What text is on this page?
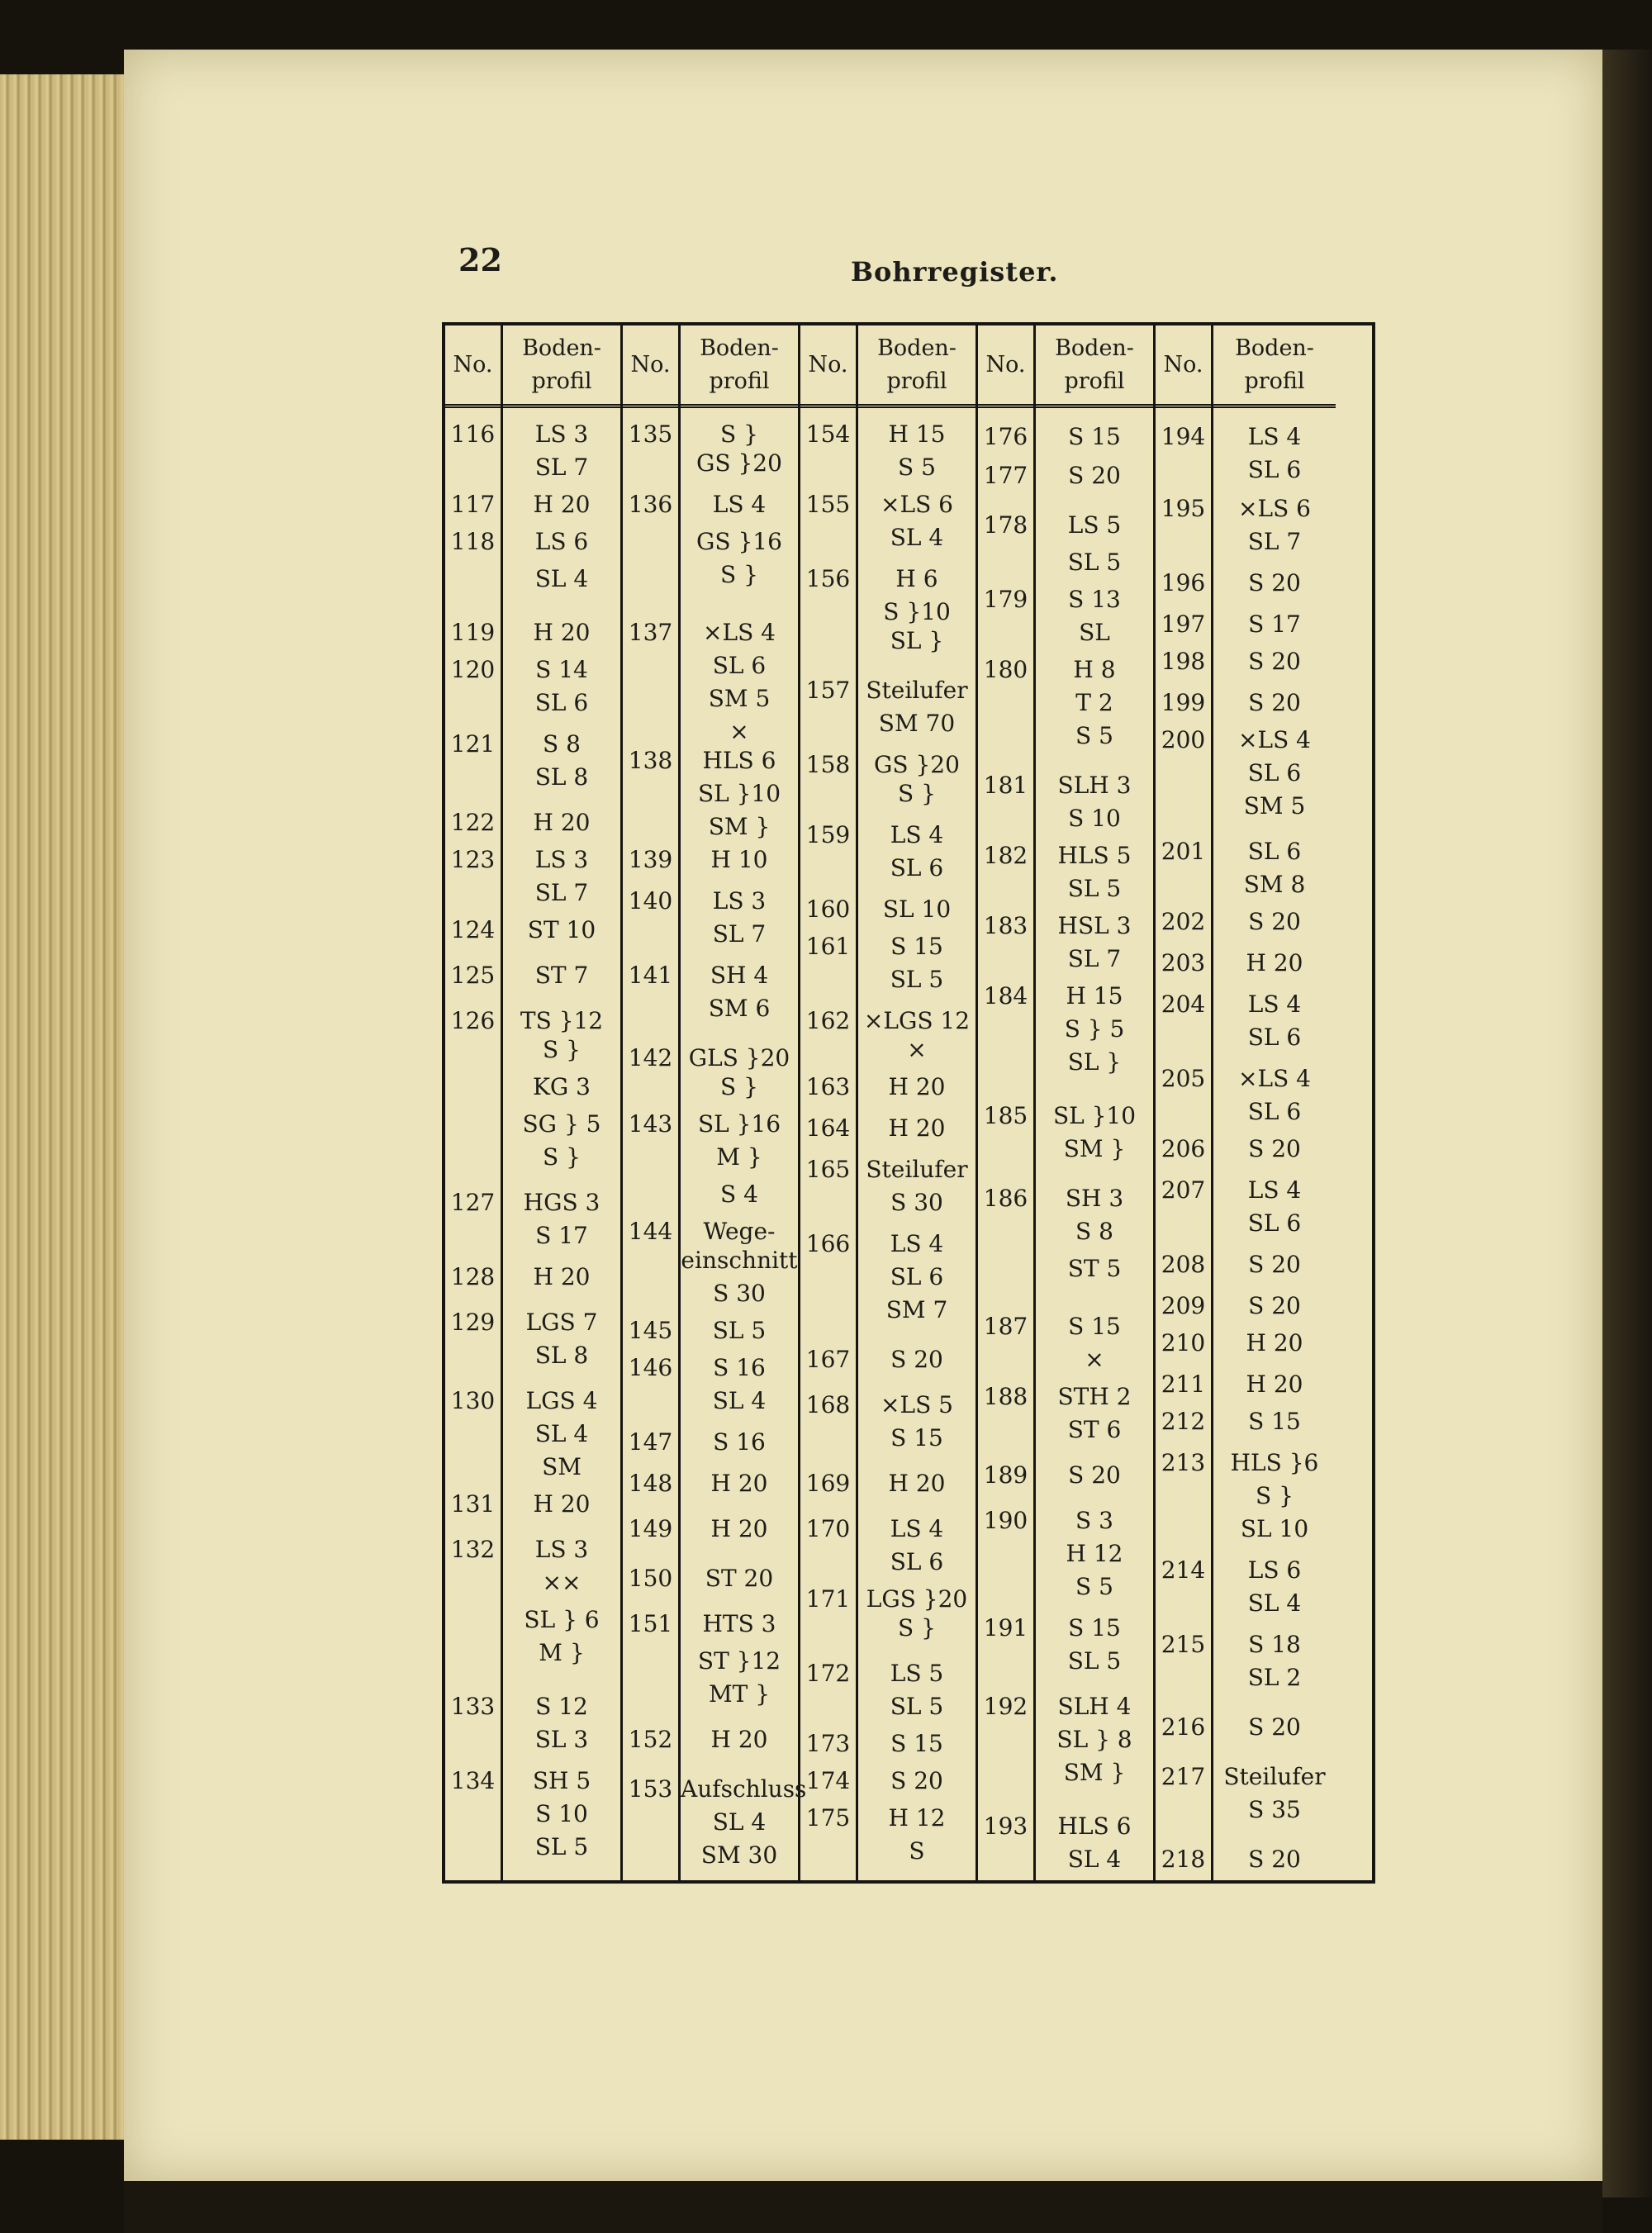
22	Bohrregister.
No.
116
117
118
119
120
121
122
123
124
125
126
127
128
129
130
131
132
133
134
Boden-
profil
LS 3
SL 7
H 20
LS 6
SL 4
H 20
S 14
SL 6
S 8
SL 8
H 20
LS 3
SL 7
ST 10
ST 7
TS }12
S }
KG 3
SG } 5
S }
HGS 3
S 17
H 20
LGS 7
SL 8
LGS 4
SL 4
SM
H 20
LS 3
××
SL } 6
M }
S 12
SL 3
SH 5
S 10
SL 5
No.
135
136
137
138
139
140
141
142
143
144
145
146
147
148
149
150
151
152
153
Boden-
profil
S }
GS }20
LS 4
GS }16
S }
×LS 4
SL 6
SM 5
×
HLS 6
SL }10
SM }
H 10
LS 3
SL 7
SH 4
SM 6
GLS }20
S }
SL }16
M }
S 4
Wege-
einschnitt
S 30
SL 5
S 16
SL 4
S 16
H 20
H 20
ST 20
HTS 3
ST }12
MT }
H 20
Aufschluss
SL 4
SM 30
No.
154
155
156
157
158
159
160
161
162
163
164
165
166
167
168
169
170
171
172
173
174
175
Boden-
profil
H 15
S 5
×LS 6
SL 4
H 6
S }10
SL }
Steilufer
SM 70
GS }20
S }
LS 4
SL 6
SL 10
S 15
SL 5
×LGS 12
×
H 20
H 20
Steilufer
S 30
LS 4
SL 6
SM 7
S 20
×LS 5
S 15
H 20
LS 4
SL 6
LGS }20
S }
LS 5
SL 5
S 15
S 20
H 12
S
No.
176
177
178
179
180
181
182
183
184
185
186
187
188
189
190
191
192
193
Boden-
profil
S 15
S 20
LS 5
SL 5
S 13
SL
H 8
T 2
S 5
SLH 3
S 10
HLS 5
SL 5
HSL 3
SL 7
H 15
S } 5
SL }
SL }10
SM }
SH 3
S 8
ST 5
S 15
×
STH 2
ST 6
S 20
S 3
H 12
S 5
S 15
SL 5
SLH 4
SL } 8
SM }
HLS 6
SL 4
No.
194
195
196
197
198
199
200
201
202
203
204
205
206
207
208
209
210
211
212
213
214
215
216
217
218
Boden-
profil
LS 4
SL 6
×LS 6
SL 7
S 20
S 17
S 20
S 20
×LS 4
SL 6
SM 5
SL 6
SM 8
S 20
H 20
LS 4
SL 6
×LS 4
SL 6
S 20
LS 4
SL 6
S 20
S 20
H 20
H 20
S 15
HLS }6
S }
SL 10
LS 6
SL 4
S 18
SL 2
S 20
Steilufer
S 35
S 20
